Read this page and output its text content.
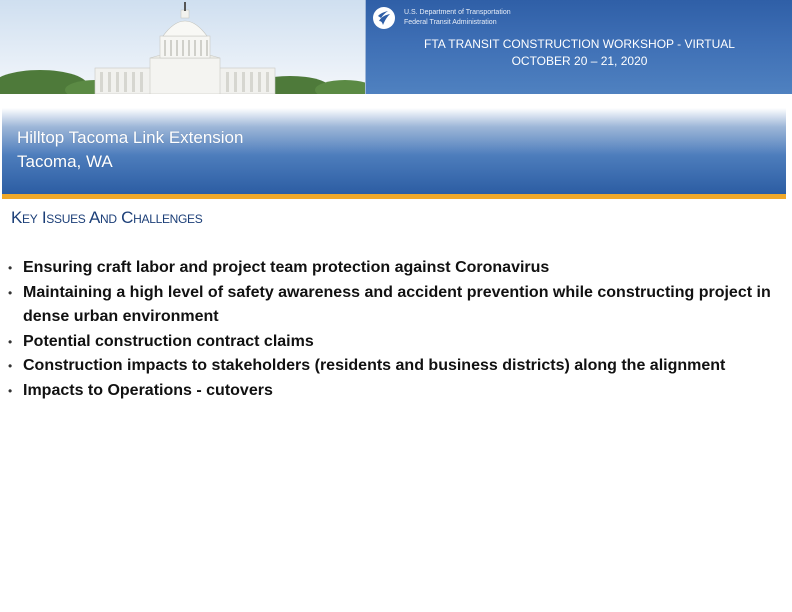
U.S. Department of Transportation
Federal Transit Administration
FTA TRANSIT CONSTRUCTION WORKSHOP - VIRTUAL
OCTOBER 20 – 21, 2020
Hilltop Tacoma Link Extension
Tacoma, WA
Key Issues And Challenges
• Ensuring craft labor and project team protection against Coronavirus
• Maintaining a high level of safety awareness and accident prevention while constructing project in dense urban environment
• Potential construction contract claims
• Construction impacts to stakeholders (residents and business districts) along the alignment
• Impacts to Operations - cutovers
